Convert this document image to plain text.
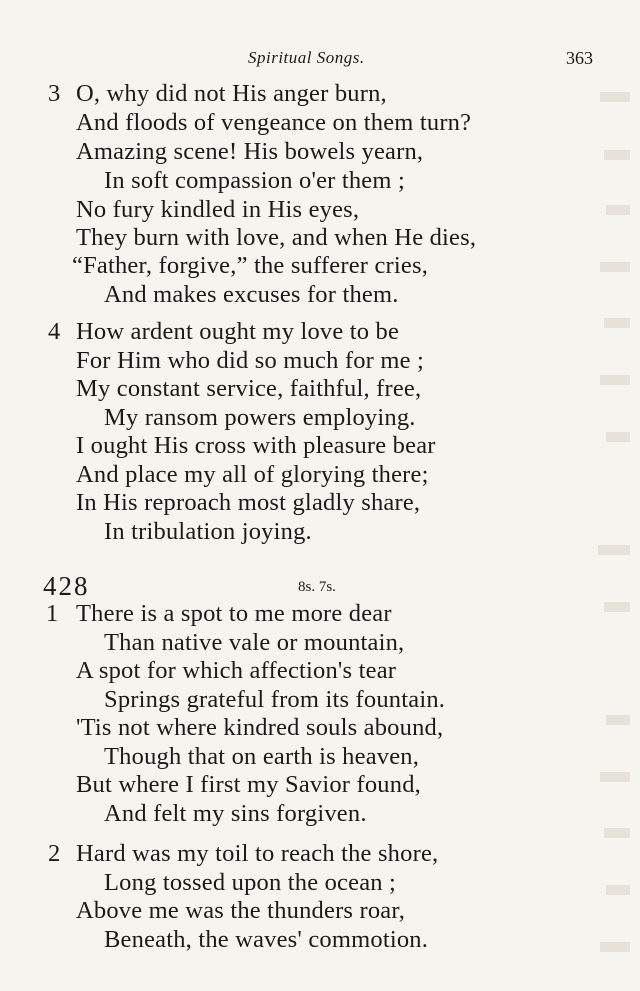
Spiritual Songs.	363
3 O, why did not His anger burn,
And floods of vengeance on them turn?
Amazing scene! His bowels yearn,
In soft compassion o'er them ;
No fury kindled in His eyes,
They burn with love, and when He dies,
“Father, forgive,” the sufferer cries,
And makes excuses for them.
4 How ardent ought my love to be
For Him who did so much for me ;
My constant service, faithful, free,
My ransom powers employing.
I ought His cross with pleasure bear
And place my all of glorying there;
In His reproach most gladly share,
In tribulation joying.
428	8s. 7s.
1 There is a spot to me more dear
Than native vale or mountain,
A spot for which affection's tear
Springs grateful from its fountain.
'Tis not where kindred souls abound,
Though that on earth is heaven,
But where I first my Savior found,
And felt my sins forgiven.
2 Hard was my toil to reach the shore,
Long tossed upon the ocean ;
Above me was the thunders roar,
Beneath, the waves' commotion.
